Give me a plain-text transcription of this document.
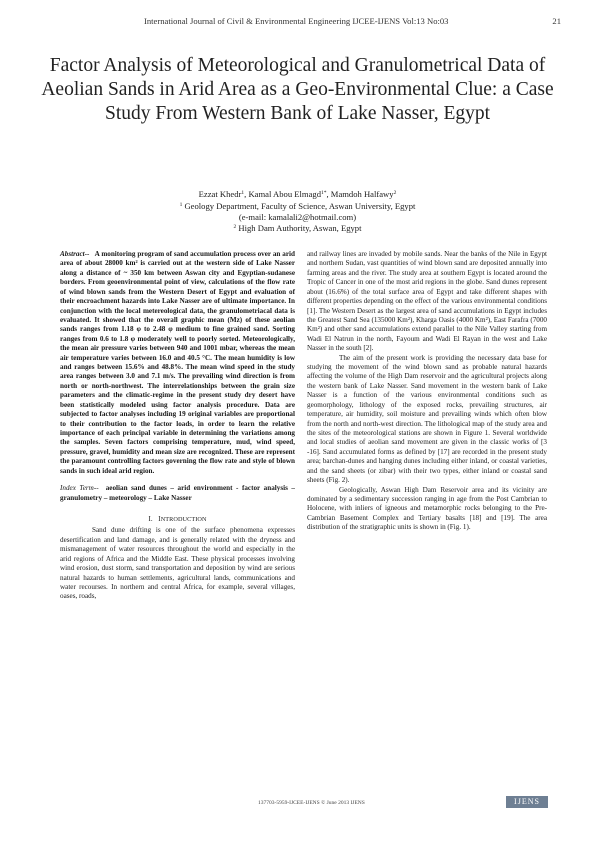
International Journal of Civil & Environmental Engineering IJCEE-IJENS Vol:13 No:03	21
Factor Analysis of Meteorological and Granulometrical Data of Aeolian Sands in Arid Area as a Geo-Environmental Clue: a Case Study From Western Bank of Lake Nasser, Egypt
Ezzat Khedr$^1$, Kamal Abou Elmagd$^{1*}$, Mamdoh Halfawy$^2$
$^1$ Geology Department, Faculty of Science, Aswan University, Egypt
(e-mail: kamalali2@hotmail.com)
$^2$ High Dam Authority, Aswan, Egypt

Abstract-- A monitoring program of sand accumulation process over an arid area of about 28000 km² is carried out at the western side of Lake Nasser along a distance of ~ 350 km between Aswan city and Egyptian-sudanese borders. From geoenvironmental point of view, calculations of the flow rate of wind blown sands from the Western Desert of Egypt and evaluation of their encroachment hazards into Lake Nasser are of ultimate importance. In conjunction with the local metereological data, the granulometriacal data is evaluated. It showed that the overall graphic mean (Mz) of these aeolian sands ranges from 1.18 φ to 2.48 φ medium to fine grained sand. Sorting ranges from 0.6 to 1.8 φ moderately well to poorly sorted. Meteorologically, the mean air pressure varies between 940 and 1001 mbar, whereas the mean air temperature varies between 16.0 and 40.5 °C. The mean humidity is low and ranges between 15.6% and 48.8%. The mean wind speed in the study area ranges between 3.0 and 7.1 m/s. The prevailing wind direction is from north or north-northwest. The interrelationships between the grain size parameters and the climatic-regime in the present study dry desert have been statistically modeled using factor analysis procedure. Data are subjected to factor analyses including 19 original variables are proportional to their contribution to the factor loads, in order to learn the relative importance of each principal variable in determining the variations among the samples. Seven factors comprising temperature, mud, wind speed, pressure, gravel, humidity and mean size are recognized. These are represent the paramount controlling factors governing the flow rate and style of blown sands in such ideal arid region.

Index Term-- aeolian sand dunes – arid environment - factor analysis – granulometry – meteorology – Lake Nasser

I. INTRODUCTION

Sand dune drifting is one of the surface phenomena expresses desertification and land damage, and is generally related with the dryness and mismanagement of water resources throughout the world and especially in the arid regions of Africa and the Middle East. These physical processes involving wind erosion, dust storm, sand transportation and deposition by wind are serious natural hazards to human settlements, agricultural lands, communications and water recourses. In northern and central Africa, for example, several villages, oases, roads,

and railway lines are invaded by mobile sands. Near the banks of the Nile in Egypt and northern Sudan, vast quantities of wind blown sand are deposited annually into farming areas and the river. The study area at southern Egypt is located around the Tropic of Cancer in one of the most arid regions in the globe. Sand dunes represent about (16.6%) of the total surface area of Egypt and take different shapes with different properties depending on the effect of the various environmental conditions [1]. The Western Desert as the largest area of sand accumulations in Egypt includes the Greatest Sand Sea (135000 Km²), Kharga Oasis (4000 Km²), East Farafra (7000 Km²) and other sand accumulations extend parallel to the Nile Valley starting from Wadi El Natrun in the north, Fayoum and Wadi El Rayan in the west and Lake Nasser in the south [2].

The aim of the present work is providing the necessary data base for studying the movement of the wind blown sand as probable natural hazards affecting the volume of the High Dam reservoir and the agricultural projects along the western bank of Lake Nasser. Sand movement in the western bank of Lake Nasser is a function of the various environmental conditions such as geomorphology, lithology of the exposed rocks, prevailing structures, air temperature, air humidity, soil moisture and prevailing winds which often blow from the north and north-west direction. The lithological map of the study area and the sites of the meteorological stations are shown in Figure 1. Several worldwide and local studies of aeolian sand movement are given in the classic works of [3 -16]. Sand accumulated forms as defined by [17] are recorded in the present study area; barchan-dunes and hanging dunes including either inland, or coastal varieties, and the sand sheets (or zibar) with their two types, either inland or coastal sand sheets (Fig. 2).

Geologically, Aswan High Dam Reservoir area and its vicinity are dominated by a sedimentary succession ranging in age from the Post Cambrian to Holocene, with inliers of igneous and metamorphic rocks belonging to the Pre-Cambrian Basement Complex and Tertiary basalts [18] and [19]. The area distribution of the stratigraphic units is shown in (Fig. 1).

137703-5959-IJCEE-IJENS © June 2013 IJENS	IJENS
